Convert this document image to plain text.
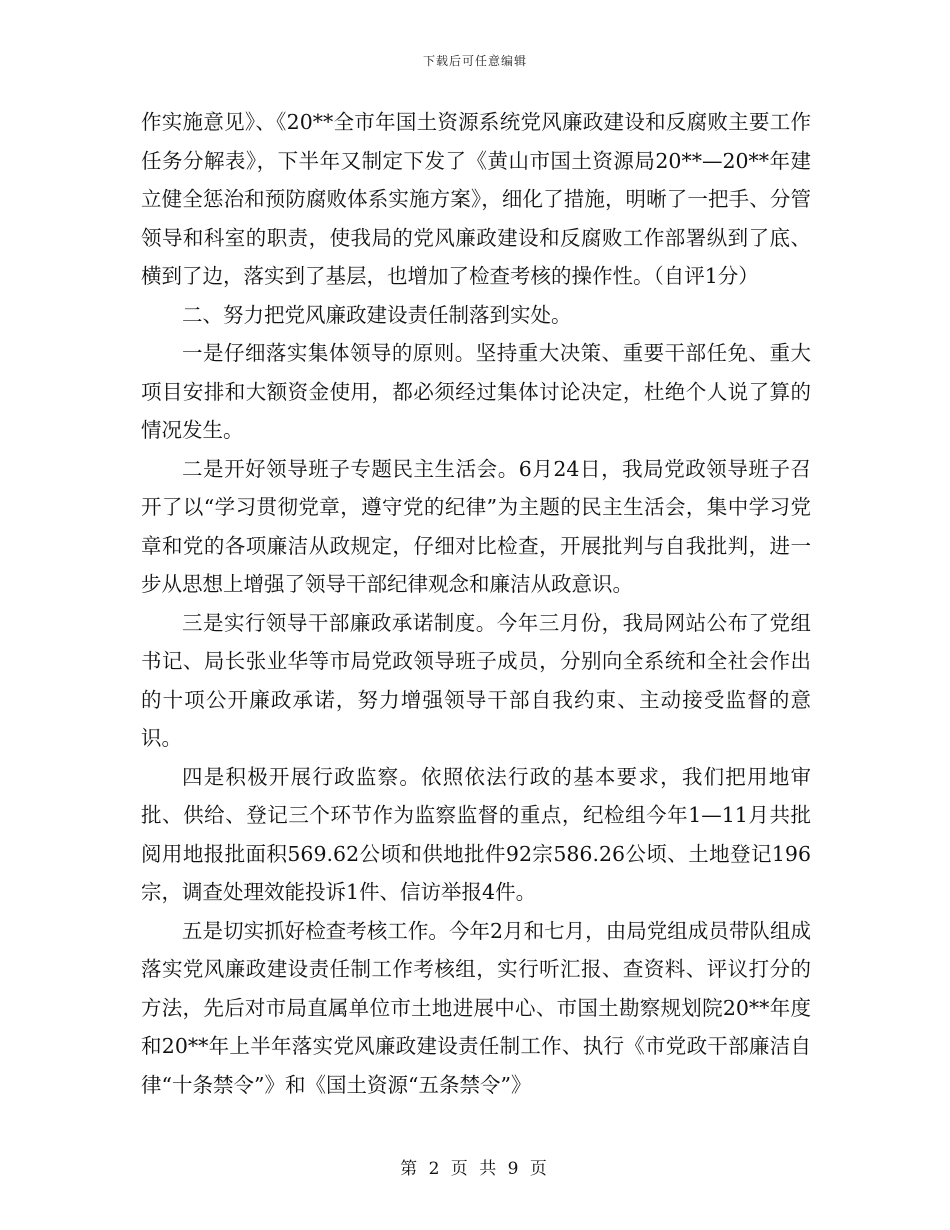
下载后可任意编辑

作实施意见》、《20**全市年国土资源系统党风廉政建设和反腐败主要工作任务分解表》，下半年又制定下发了《黄山市国土资源局20**—20**年建立健全惩治和预防腐败体系实施方案》，细化了措施，明晰了一把手、分管领导和科室的职责，使我局的党风廉政建设和反腐败工作部署纵到了底、横到了边，落实到了基层，也增加了检查考核的操作性。（自评1分）

二、努力把党风廉政建设责任制落到实处。

一是仔细落实集体领导的原则。坚持重大决策、重要干部任免、重大项目安排和大额资金使用，都必须经过集体讨论决定，杜绝个人说了算的情况发生。

二是开好领导班子专题民主生活会。6月24日，我局党政领导班子召开了以“学习贯彻党章，遵守党的纪律”为主题的民主生活会，集中学习党章和党的各项廉洁从政规定，仔细对比检查，开展批判与自我批判，进一步从思想上增强了领导干部纪律观念和廉洁从政意识。

三是实行领导干部廉政承诺制度。今年三月份，我局网站公布了党组书记、局长张业华等市局党政领导班子成员，分别向全系统和全社会作出的十项公开廉政承诺，努力增强领导干部自我约束、主动接受监督的意识。

四是积极开展行政监察。依照依法行政的基本要求，我们把用地审批、供给、登记三个环节作为监察监督的重点，纪检组今年1—11月共批阅用地报批面积569.62公顷和供地批件92宗586.26公顷、土地登记196宗，调查处理效能投诉1件、信访举报4件。

五是切实抓好检查考核工作。今年2月和七月，由局党组成员带队组成落实党风廉政建设责任制工作考核组，实行听汇报、查资料、评议打分的方法，先后对市局直属单位市土地进展中心、市国土勘察规划院20**年度和20**年上半年落实党风廉政建设责任制工作、执行《市党政干部廉洁自律“十条禁令”》和《国土资源“五条禁令”》

第 2 页 共 9 页
